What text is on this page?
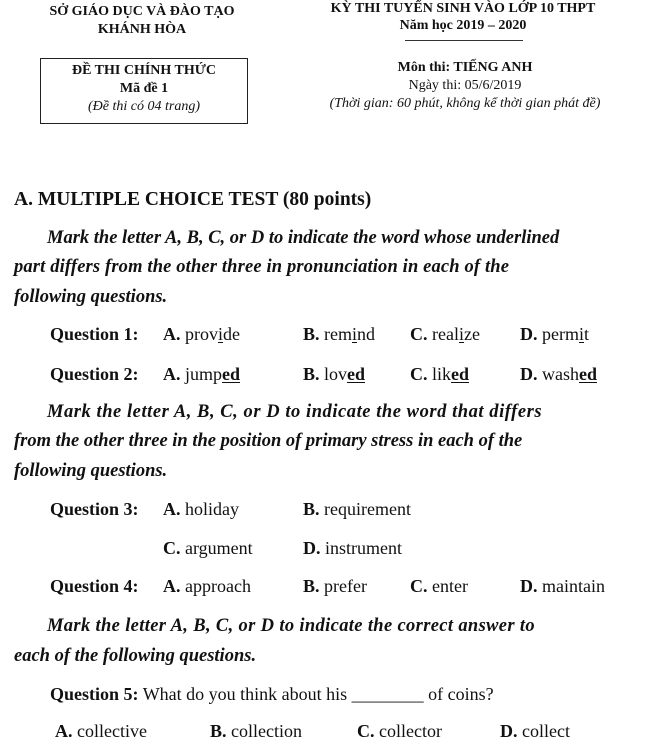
SỞ GIÁO DỤC VÀ ĐÀO TẠO
KHÁNH HÒA
KỲ THI TUYỂN SINH VÀO LỚP 10 THPT
Năm học 2019 – 2020
ĐỀ THI CHÍNH THỨC
Mã đề 1
(Đề thi có 04 trang)
Môn thi: TIẾNG ANH
Ngày thi: 05/6/2019
(Thời gian: 60 phút, không kể thời gian phát đề)
A. MULTIPLE CHOICE TEST (80 points)
Mark the letter A, B, C, or D to indicate the word whose underlined
part differs from the other three in pronunciation in each of the
following questions.
Question 1: A. provide	B. remind C. realize D. permit
Question 2: A. jumped	B. loved C. liked	D. washed
Mark the letter A, B, C, or D to indicate the word that differs
from the other three in the position of primary stress in each of the
following questions.
Question 3: A. holiday	B. requirement
C. argument	D. instrument
Question 4: A. approach	B. prefer C. enter	D. maintain
Mark the letter A, B, C, or D to indicate the correct answer to
each of the following questions.
Question 5: What do you think about his ________ of coins?
A. collective	B. collection	C. collector	D. collect
